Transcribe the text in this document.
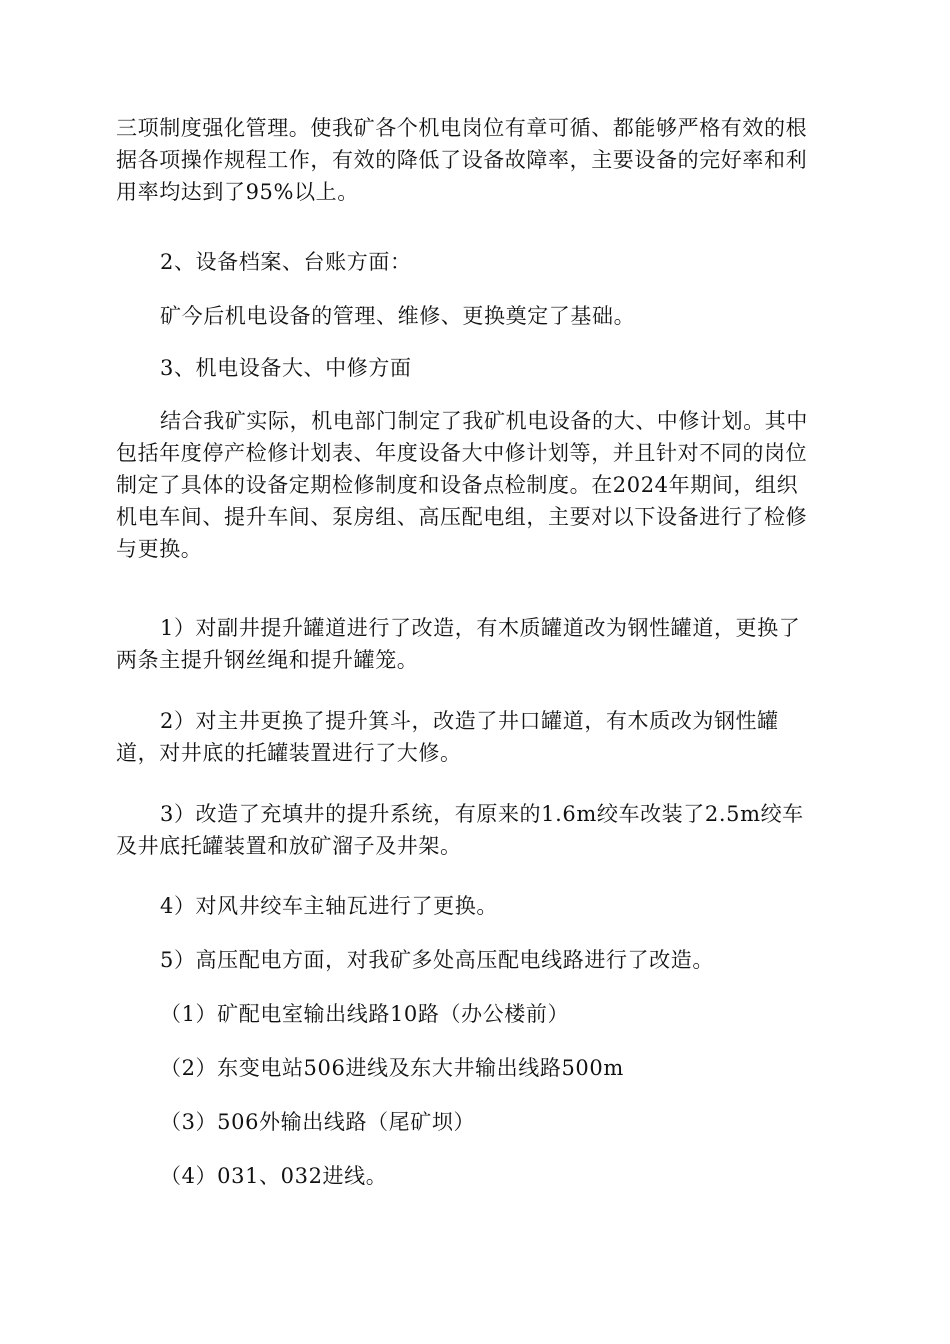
三项制度强化管理。使我矿各个机电岗位有章可循、都能够严格有效的根
据各项操作规程工作，有效的降低了设备故障率，主要设备的完好率和利
用率均达到了95%以上。

2、设备档案、台账方面：

矿今后机电设备的管理、维修、更换奠定了基础。

3、机电设备大、中修方面

结合我矿实际，机电部门制定了我矿机电设备的大、中修计划。其中
包括年度停产检修计划表、年度设备大中修计划等，并且针对不同的岗位
制定了具体的设备定期检修制度和设备点检制度。在2024年期间，组织
机电车间、提升车间、泵房组、高压配电组，主要对以下设备进行了检修
与更换。

1）对副井提升罐道进行了改造，有木质罐道改为钢性罐道，更换了
两条主提升钢丝绳和提升罐笼。

2）对主井更换了提升箕斗，改造了井口罐道，有木质改为钢性罐
道，对井底的托罐装置进行了大修。

3）改造了充填井的提升系统，有原来的1.6m绞车改装了2.5m绞车
及井底托罐装置和放矿溜子及井架。

4）对风井绞车主轴瓦进行了更换。

5）高压配电方面，对我矿多处高压配电线路进行了改造。

（1）矿配电室输出线路10路（办公楼前）

（2）东变电站506进线及东大井输出线路500m

（3）506外输出线路（尾矿坝）

（4）031、032进线。
